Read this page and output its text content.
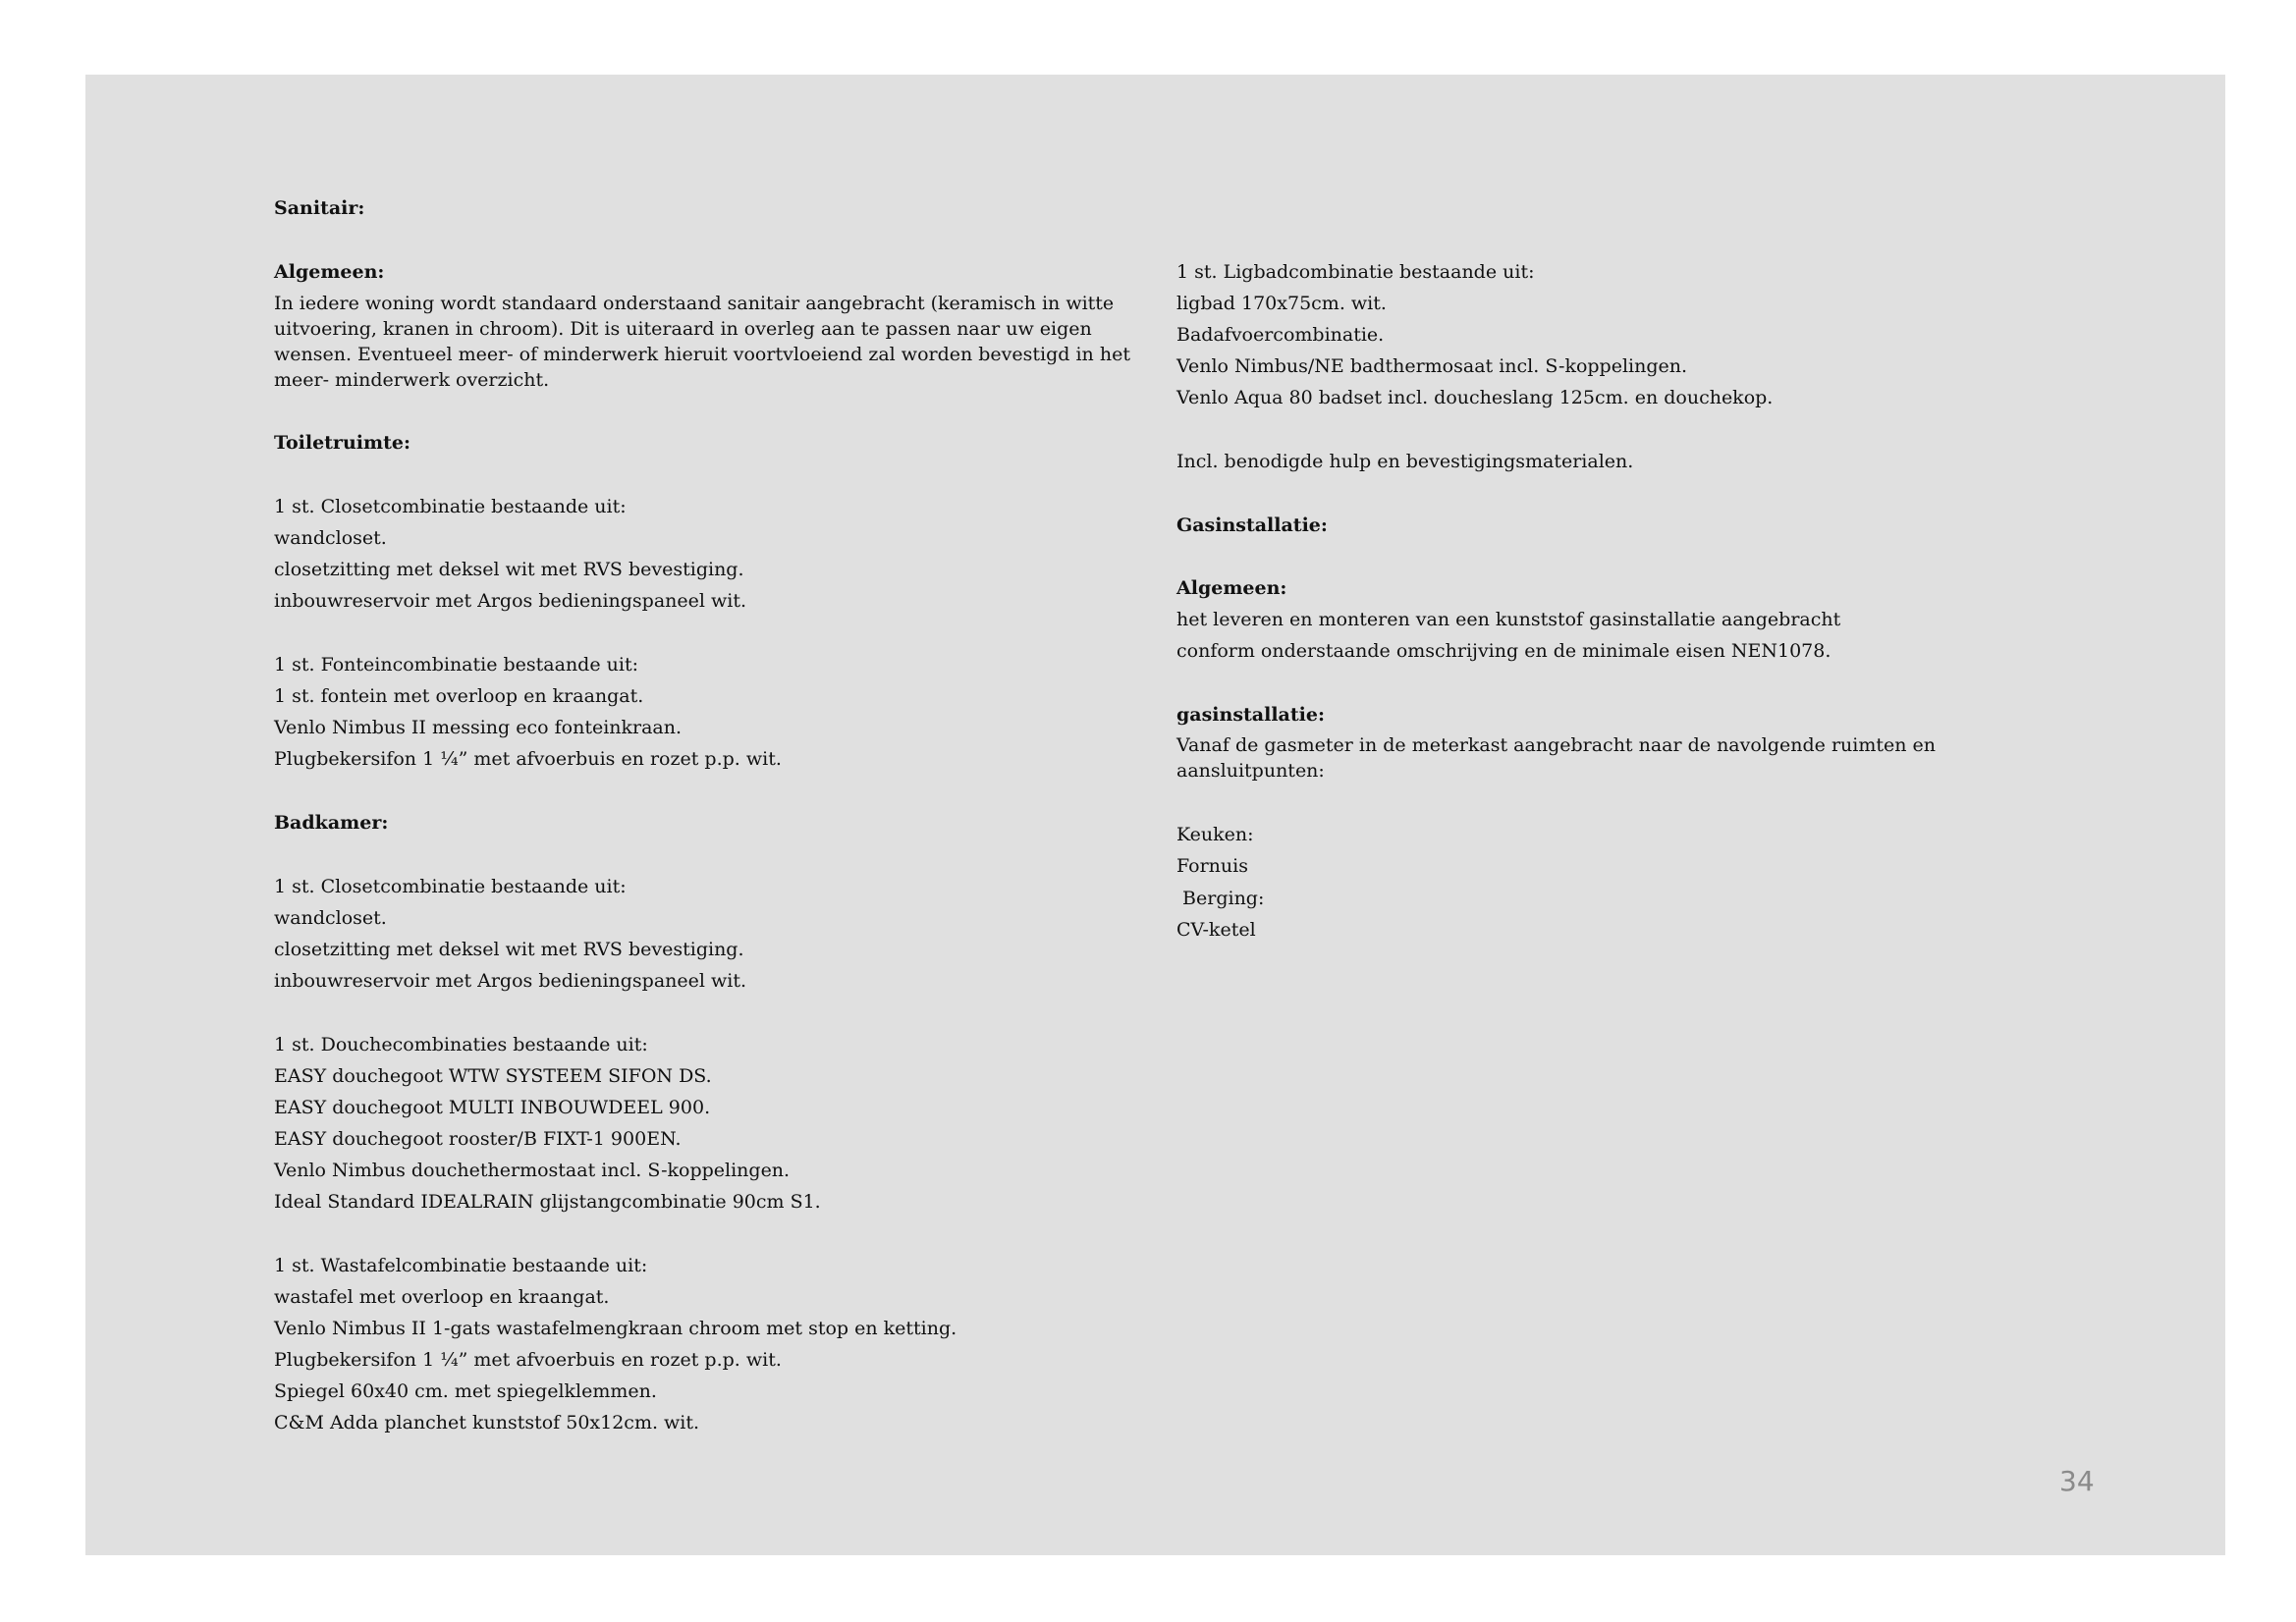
Sanitair:
Algemeen:
In iedere woning wordt standaard onderstaand sanitair aangebracht (keramisch in witte
uitvoering, kranen in chroom). Dit is uiteraard in overleg aan te passen naar uw eigen
wensen. Eventueel meer- of minderwerk hieruit voortvloeiend zal worden bevestigd in het
meer- minderwerk overzicht.
Toiletruimte:
1 st. Closetcombinatie bestaande uit:
wandcloset.
closetzitting met deksel wit met RVS bevestiging.
inbouwreservoir met Argos bedieningspaneel wit.
1 st. Fonteincombinatie bestaande uit:
1 st. fontein met overloop en kraangat.
Venlo Nimbus II messing eco fonteinkraan.
Plugbekersifon 1 ¼” met afvoerbuis en rozet p.p. wit.
Badkamer:
1 st. Closetcombinatie bestaande uit:
wandcloset.
closetzitting met deksel wit met RVS bevestiging.
inbouwreservoir met Argos bedieningspaneel wit.
1 st. Douchecombinaties bestaande uit:
EASY douchegoot WTW SYSTEEM SIFON DS.
EASY douchegoot MULTI INBOUWDEEL 900.
EASY douchegoot rooster/B FIXT-1 900EN.
Venlo Nimbus douchethermostaat incl. S-koppelingen.
Ideal Standard IDEALRAIN glijstangcombinatie 90cm S1.
1 st. Wastafelcombinatie bestaande uit:
wastafel met overloop en kraangat.
Venlo Nimbus II 1-gats wastafelmengkraan chroom met stop en ketting.
Plugbekersifon 1 ¼” met afvoerbuis en rozet p.p. wit.
Spiegel 60x40 cm. met spiegelklemmen.
C&M Adda planchet kunststof 50x12cm. wit.
1 st. Ligbadcombinatie bestaande uit:
ligbad 170x75cm. wit.
Badafvoercombinatie.
Venlo Nimbus/NE badthermosaat incl. S-koppelingen.
Venlo Aqua 80 badset incl. doucheslang 125cm. en douchekop.
Incl. benodigde hulp en bevestigingsmaterialen.
Gasinstallatie:
Algemeen:
het leveren en monteren van een kunststof gasinstallatie aangebracht
conform onderstaande omschrijving en de minimale eisen NEN1078.
gasinstallatie:
Vanaf de gasmeter in de meterkast aangebracht naar de navolgende ruimten en
aansluitpunten:
Keuken:
Fornuis
Berging:
CV-ketel
34
